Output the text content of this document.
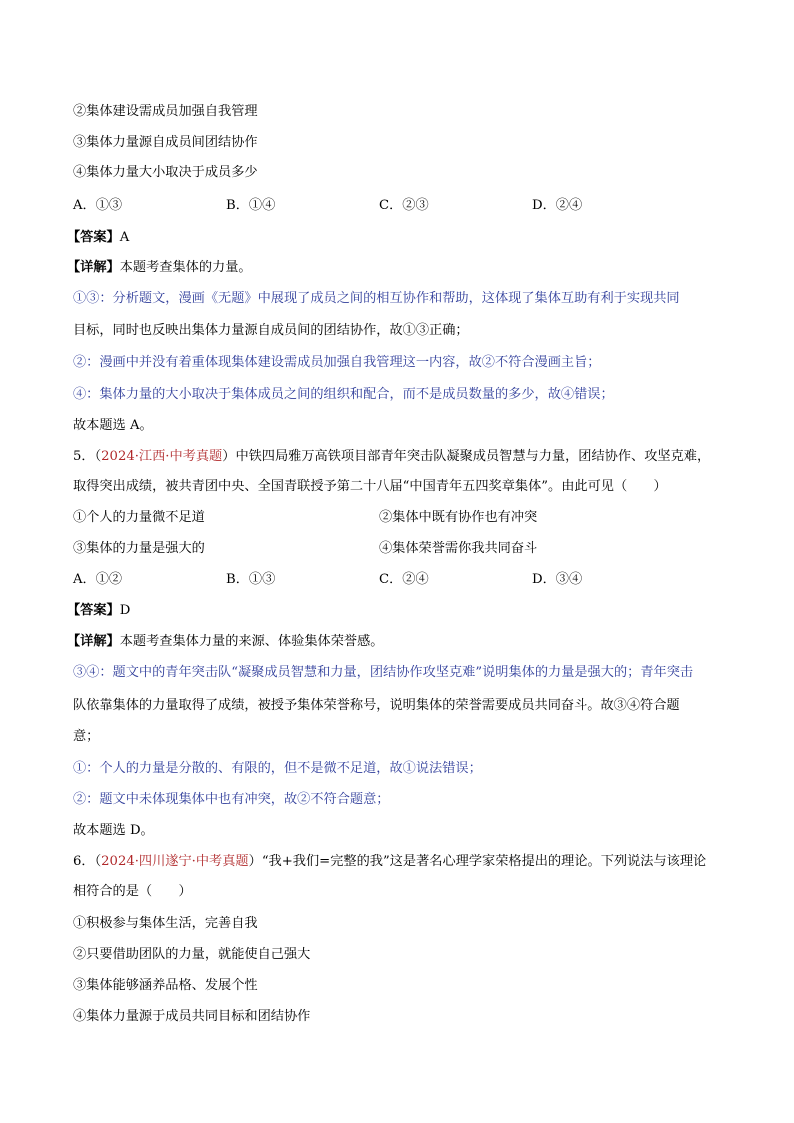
②集体建设需成员加强自我管理
③集体力量源自成员间团结协作
④集体力量大小取决于成员多少
A．①③	B．①④	C．②③	D．②④
【答案】A
【详解】本题考查集体的力量。
①③：分析题文，漫画《无题》中展现了成员之间的相互协作和帮助，这体现了集体互助有利于实现共同
目标，同时也反映出集体力量源自成员间的团结协作，故①③正确；
②：漫画中并没有着重体现集体建设需成员加强自我管理这一内容，故②不符合漫画主旨；
④：集体力量的大小取决于集体成员之间的组织和配合，而不是成员数量的多少，故④错误；
故本题选 A。
5．（2024·江西·中考真题）中铁四局雅万高铁项目部青年突击队凝聚成员智慧与力量，团结协作、攻坚克难，
取得突出成绩，被共青团中央、全国青联授予第二十八届“中国青年五四奖章集体”。由此可见（　　）
①个人的力量微不足道	②集体中既有协作也有冲突
③集体的力量是强大的	④集体荣誉需你我共同奋斗
A．①②	B．①③	C．②④	D．③④
【答案】D
【详解】本题考查集体力量的来源、体验集体荣誉感。
③④：题文中的青年突击队“凝聚成员智慧和力量，团结协作攻坚克难”说明集体的力量是强大的；青年突击
队依靠集体的力量取得了成绩，被授予集体荣誉称号，说明集体的荣誉需要成员共同奋斗。故③④符合题
意；
①：个人的力量是分散的、有限的，但不是微不足道，故①说法错误；
②：题文中未体现集体中也有冲突，故②不符合题意；
故本题选 D。
6．（2024·四川遂宁·中考真题）“我+我们=完整的我”这是著名心理学家荣格提出的理论。下列说法与该理论
相符合的是（　　）
①积极参与集体生活，完善自我
②只要借助团队的力量，就能使自己强大
③集体能够涵养品格、发展个性
④集体力量源于成员共同目标和团结协作
